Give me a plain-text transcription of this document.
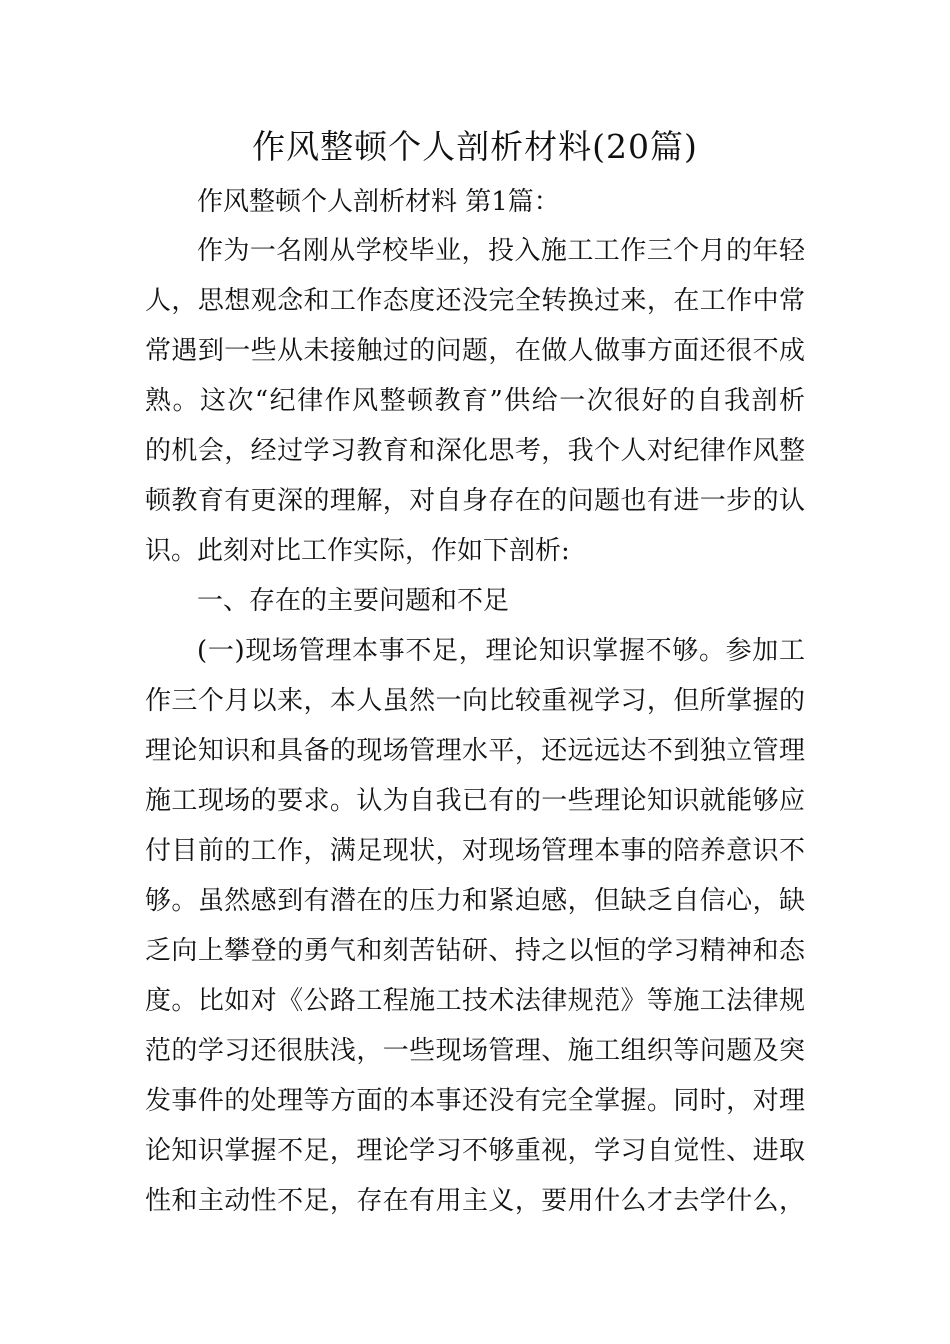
作风整顿个人剖析材料(20篇)
作风整顿个人剖析材料 第1篇：
作为一名刚从学校毕业，投入施工工作三个月的年轻
人，思想观念和工作态度还没完全转换过来，在工作中常
常遇到一些从未接触过的问题，在做人做事方面还很不成
熟。这次“纪律作风整顿教育”供给一次很好的自我剖析
的机会，经过学习教育和深化思考，我个人对纪律作风整
顿教育有更深的理解，对自身存在的问题也有进一步的认
识。此刻对比工作实际，作如下剖析:
一、存在的主要问题和不足
(一)现场管理本事不足，理论知识掌握不够。参加工
作三个月以来，本人虽然一向比较重视学习，但所掌握的
理论知识和具备的现场管理水平，还远远达不到独立管理
施工现场的要求。认为自我已有的一些理论知识就能够应
付目前的工作，满足现状，对现场管理本事的陪养意识不
够。虽然感到有潜在的压力和紧迫感，但缺乏自信心，缺
乏向上攀登的勇气和刻苦钻研、持之以恒的学习精神和态
度。比如对《公路工程施工技术法律规范》等施工法律规
范的学习还很肤浅，一些现场管理、施工组织等问题及突
发事件的处理等方面的本事还没有完全掌握。同时，对理
论知识掌握不足，理论学习不够重视，学习自觉性、进取
性和主动性不足，存在有用主义，要用什么才去学什么，
